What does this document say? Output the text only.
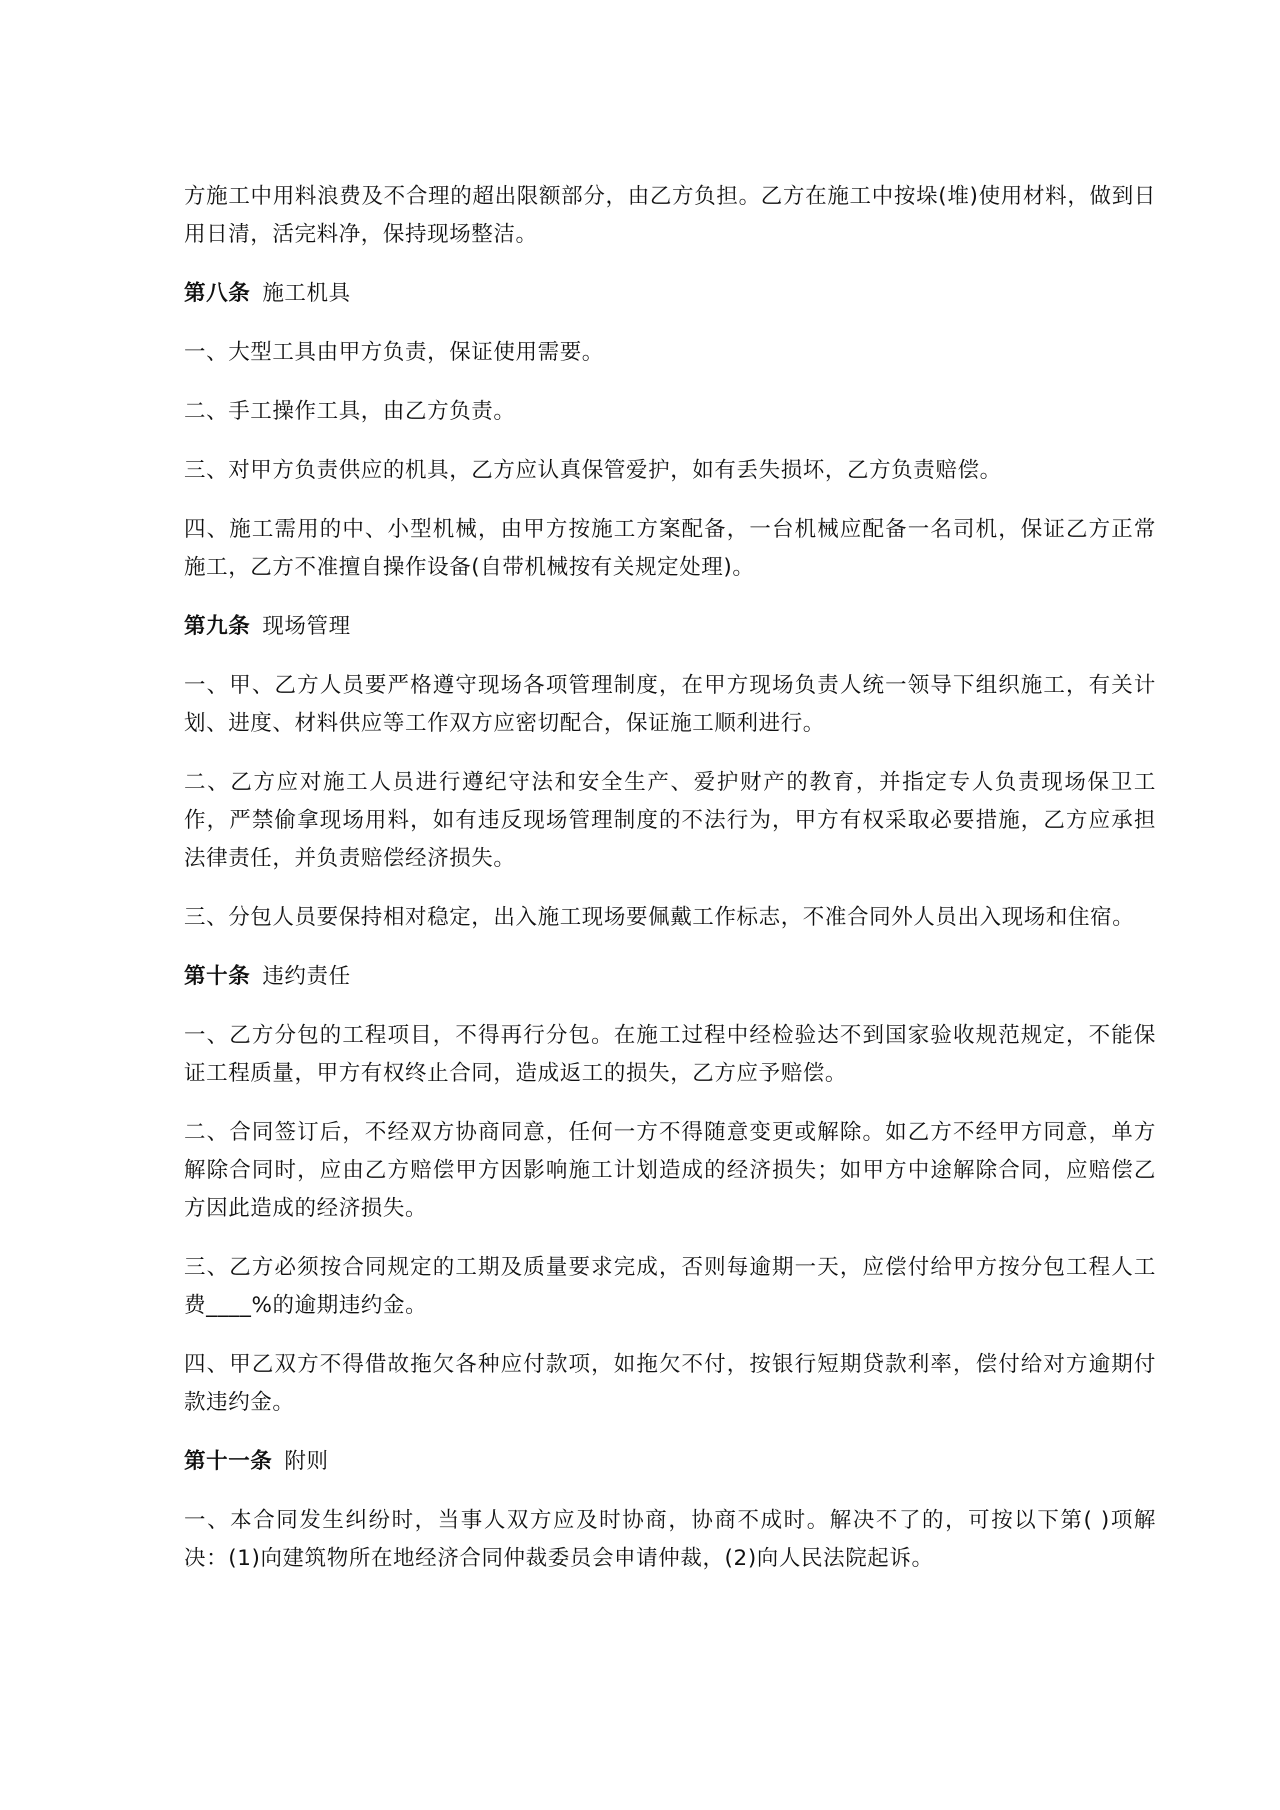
方施工中用料浪费及不合理的超出限额部分，由乙方负担。乙方在施工中按垛(堆)使用材料，做到日用日清，活完料净，保持现场整洁。

第八条 施工机具

一、大型工具由甲方负责，保证使用需要。

二、手工操作工具，由乙方负责。

三、对甲方负责供应的机具，乙方应认真保管爱护，如有丢失损坏，乙方负责赔偿。

四、施工需用的中、小型机械，由甲方按施工方案配备，一台机械应配备一名司机，保证乙方正常施工，乙方不准擅自操作设备(自带机械按有关规定处理)。

第九条 现场管理

一、甲、乙方人员要严格遵守现场各项管理制度，在甲方现场负责人统一领导下组织施工，有关计划、进度、材料供应等工作双方应密切配合，保证施工顺利进行。

二、乙方应对施工人员进行遵纪守法和安全生产、爱护财产的教育，并指定专人负责现场保卫工作，严禁偷拿现场用料，如有违反现场管理制度的不法行为，甲方有权采取必要措施，乙方应承担法律责任，并负责赔偿经济损失。

三、分包人员要保持相对稳定，出入施工现场要佩戴工作标志，不准合同外人员出入现场和住宿。

第十条 违约责任

一、乙方分包的工程项目，不得再行分包。在施工过程中经检验达不到国家验收规范规定，不能保证工程质量，甲方有权终止合同，造成返工的损失，乙方应予赔偿。

二、合同签订后，不经双方协商同意，任何一方不得随意变更或解除。如乙方不经甲方同意，单方解除合同时，应由乙方赔偿甲方因影响施工计划造成的经济损失；如甲方中途解除合同，应赔偿乙方因此造成的经济损失。

三、乙方必须按合同规定的工期及质量要求完成，否则每逾期一天，应偿付给甲方按分包工程人工费____%的逾期违约金。

四、甲乙双方不得借故拖欠各种应付款项，如拖欠不付，按银行短期贷款利率，偿付给对方逾期付款违约金。

第十一条 附则

一、本合同发生纠纷时，当事人双方应及时协商，协商不成时。解决不了的，可按以下第( )项解决：(1)向建筑物所在地经济合同仲裁委员会申请仲裁，(2)向人民法院起诉。
